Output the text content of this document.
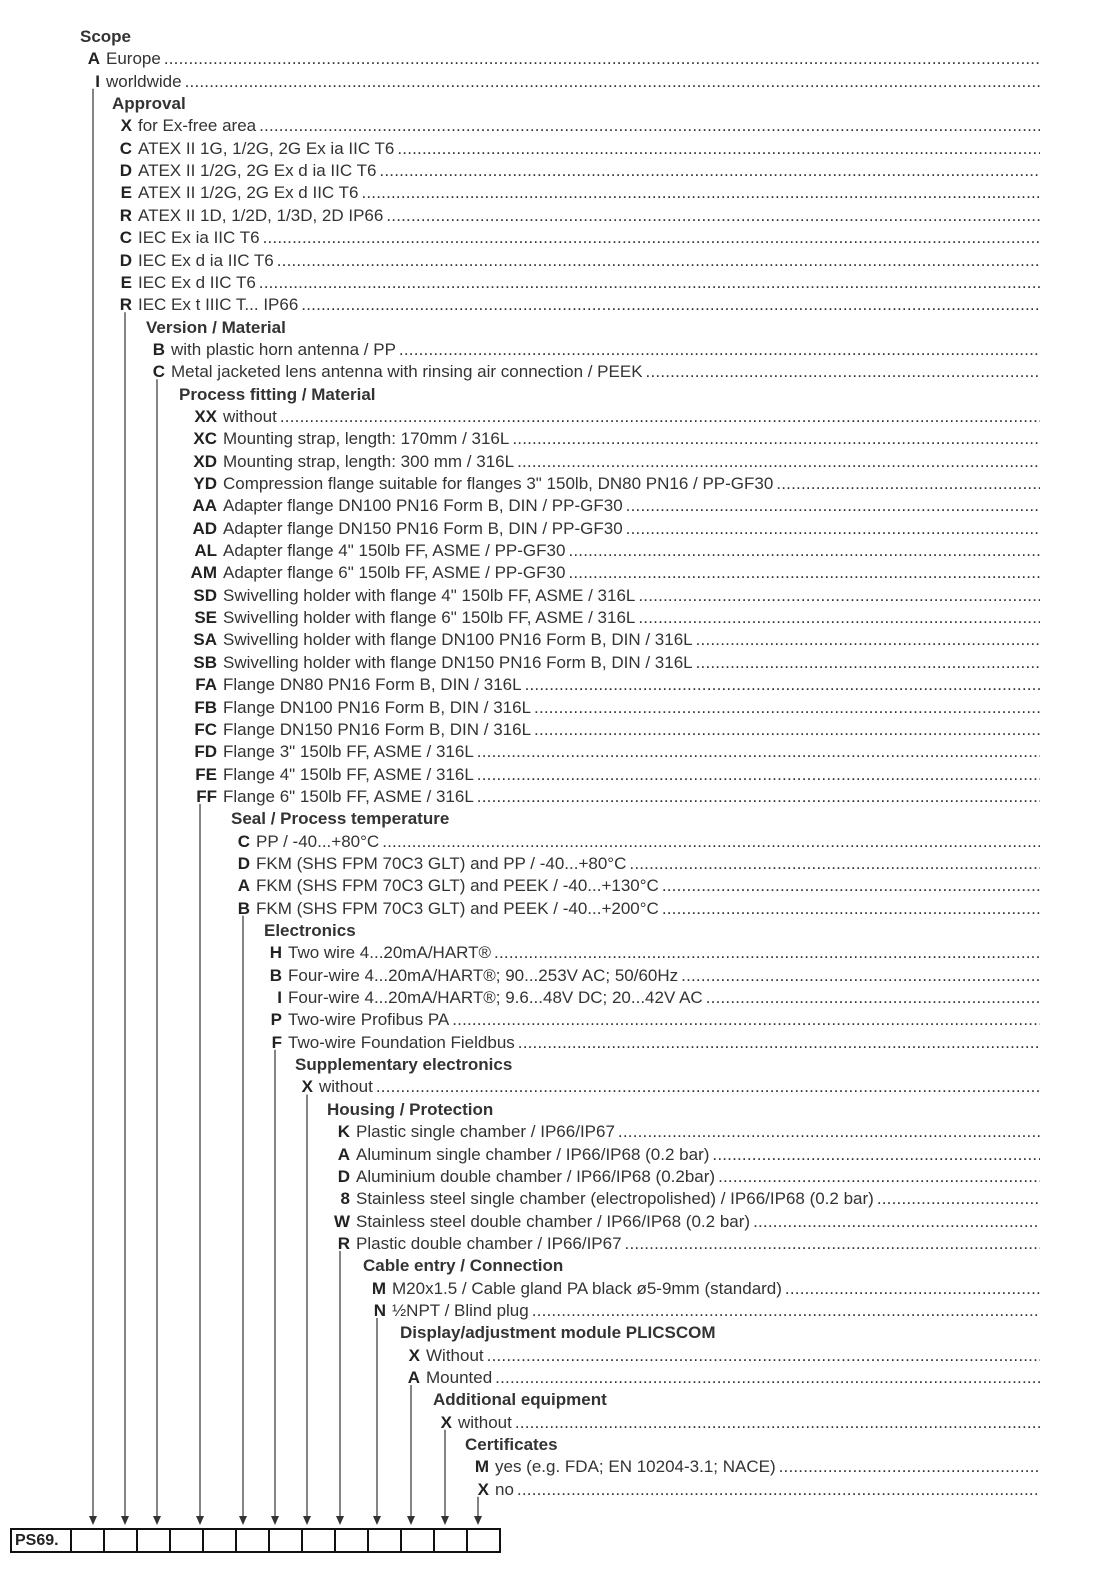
PS69.
Scope
A Europe
.....
I worldwide
.....
Approval
X for Ex-free area
.....
C ATEX II 1G, 1/2G, 2G Ex ia IIC T6
.....
D ATEX II 1/2G, 2G Ex d ia IIC T6
.....
E ATEX II 1/2G, 2G Ex d IIC T6
.....
R ATEX II 1D, 1/2D, 1/3D, 2D IP66
.....
C IEC Ex ia IIC T6
.....
D IEC Ex d ia IIC T6
.....
E IEC Ex d IIC T6
.....
R IEC Ex t IIIC T... IP66
.....
Version / Material
B with plastic horn antenna / PP
.....
C Metal jacketed lens antenna with rinsing air connection / PEEK
.....
Process fitting / Material
XX without
.....
XC Mounting strap, length: 170mm / 316L
.....
XD Mounting strap, length: 300 mm / 316L
.....
YD Compression flange suitable for flanges 3" 150lb, DN80 PN16 / PP-GF30
.....
AA Adapter flange DN100 PN16 Form B, DIN / PP-GF30
.....
AD Adapter flange DN150 PN16 Form B, DIN / PP-GF30
.....
AL Adapter flange 4" 150lb FF, ASME / PP-GF30
.....
AM Adapter flange 6" 150lb FF, ASME / PP-GF30
.....
SD Swivelling holder with flange 4" 150lb FF, ASME / 316L
.....
SE Swivelling holder with flange 6" 150lb FF, ASME / 316L
.....
SA Swivelling holder with flange DN100 PN16 Form B, DIN / 316L
.....
SB Swivelling holder with flange DN150 PN16 Form B, DIN / 316L
.....
FA Flange DN80 PN16 Form B, DIN / 316L
.....
FB Flange DN100 PN16 Form B, DIN / 316L
.....
FC Flange DN150 PN16 Form B, DIN / 316L
.....
FD Flange 3" 150lb FF, ASME / 316L
.....
FE Flange 4" 150lb FF, ASME / 316L
.....
FF Flange 6" 150lb FF, ASME / 316L
.....
Seal / Process temperature
C PP / -40...+80°C
.....
D FKM (SHS FPM 70C3 GLT) and PP / -40...+80°C
.....
A FKM (SHS FPM 70C3 GLT) and PEEK / -40...+130°C
.....
B FKM (SHS FPM 70C3 GLT) and PEEK / -40...+200°C
.....
Electronics
H Two wire 4...20mA/HART®
.....
B Four-wire 4...20mA/HART®; 90...253V AC; 50/60Hz
.....
I Four-wire 4...20mA/HART®; 9.6...48V DC; 20...42V AC
.....
P Two-wire Profibus PA
.....
F Two-wire Foundation Fieldbus
.....
Supplementary electronics
X without
.....
Housing / Protection
K Plastic single chamber / IP66/IP67
.....
A Aluminum single chamber / IP66/IP68 (0.2 bar)
.....
D Aluminium double chamber / IP66/IP68 (0.2bar)
.....
8 Stainless steel single chamber (electropolished) / IP66/IP68 (0.2 bar)
.....
W Stainless steel double chamber / IP66/IP68 (0.2 bar)
.....
R Plastic double chamber / IP66/IP67
.....
Cable entry / Connection
M M20x1.5 / Cable gland PA black ø5-9mm (standard)
.....
N ½NPT / Blind plug
.....
Display/adjustment module PLICSCOM
X Without
.....
A Mounted
.....
Additional equipment
X without
.....
Certificates
M yes (e.g. FDA; EN 10204-3.1; NACE)
.....
X no
.....
